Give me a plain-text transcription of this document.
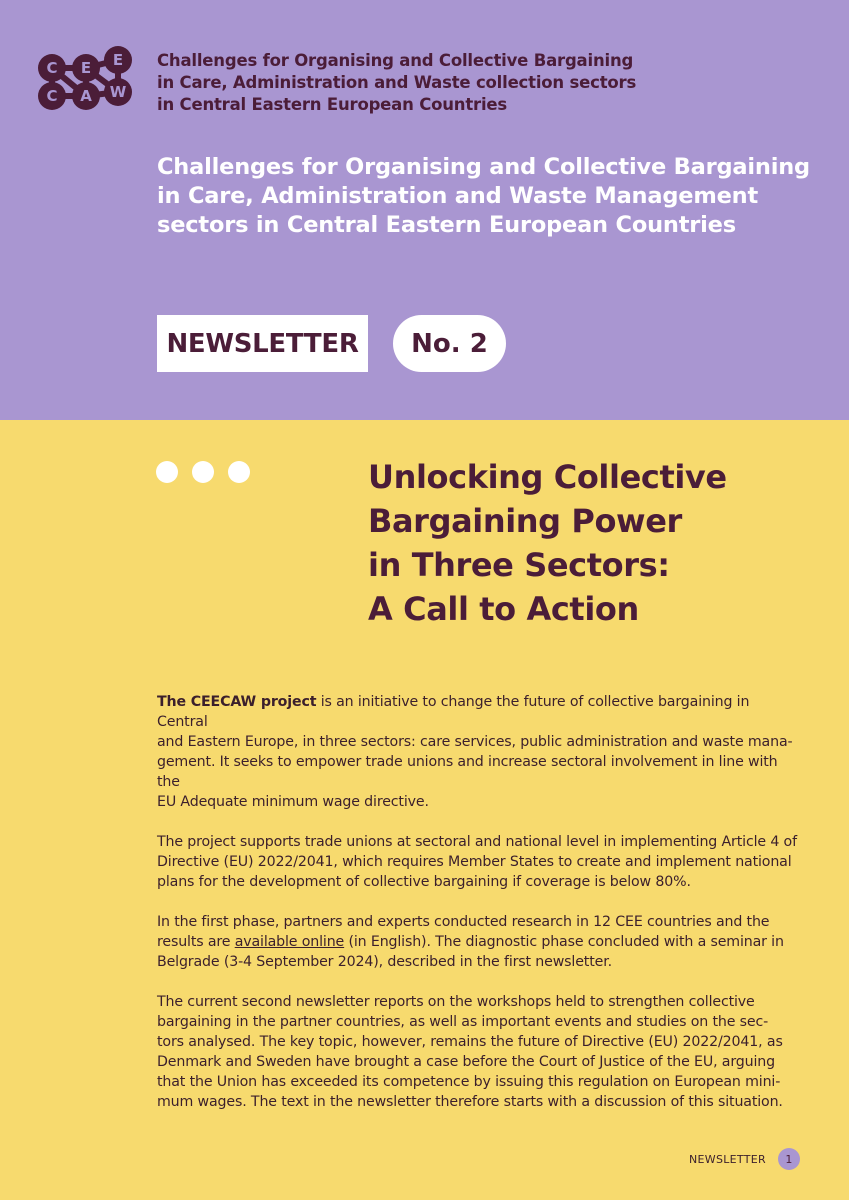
C E E
C A W
Challenges for Organising and Collective Bargaining
in Care, Administration and Waste collection sectors
in Central Eastern European Countries
Challenges for Organising and Collective Bargaining
in Care, Administration and Waste Management
sectors in Central Eastern European Countries
NEWSLETTER	No. 2
Unlocking Collective
Bargaining Power
in Three Sectors:
A Call to Action

The CEECAW project is an initiative to change the future of collective bargaining in Central
and Eastern Europe, in three sectors: care services, public administration and waste mana-
gement. It seeks to empower trade unions and increase sectoral involvement in line with the
EU Adequate minimum wage directive.

The project supports trade unions at sectoral and national level in implementing Article 4 of
Directive (EU) 2022/2041, which requires Member States to create and implement national
plans for the development of collective bargaining if coverage is below 80%.

In the first phase, partners and experts conducted research in 12 CEE countries and the
results are available online (in English). The diagnostic phase concluded with a seminar in
Belgrade (3-4 September 2024), described in the first newsletter.

The current second newsletter reports on the workshops held to strengthen collective
bargaining in the partner countries, as well as important events and studies on the sec-
tors analysed. The key topic, however, remains the future of Directive (EU) 2022/2041, as
Denmark and Sweden have brought a case before the Court of Justice of the EU, arguing
that the Union has exceeded its competence by issuing this regulation on European mini-
mum wages. The text in the newsletter therefore starts with a discussion of this situation.

NEWSLETTER	1
